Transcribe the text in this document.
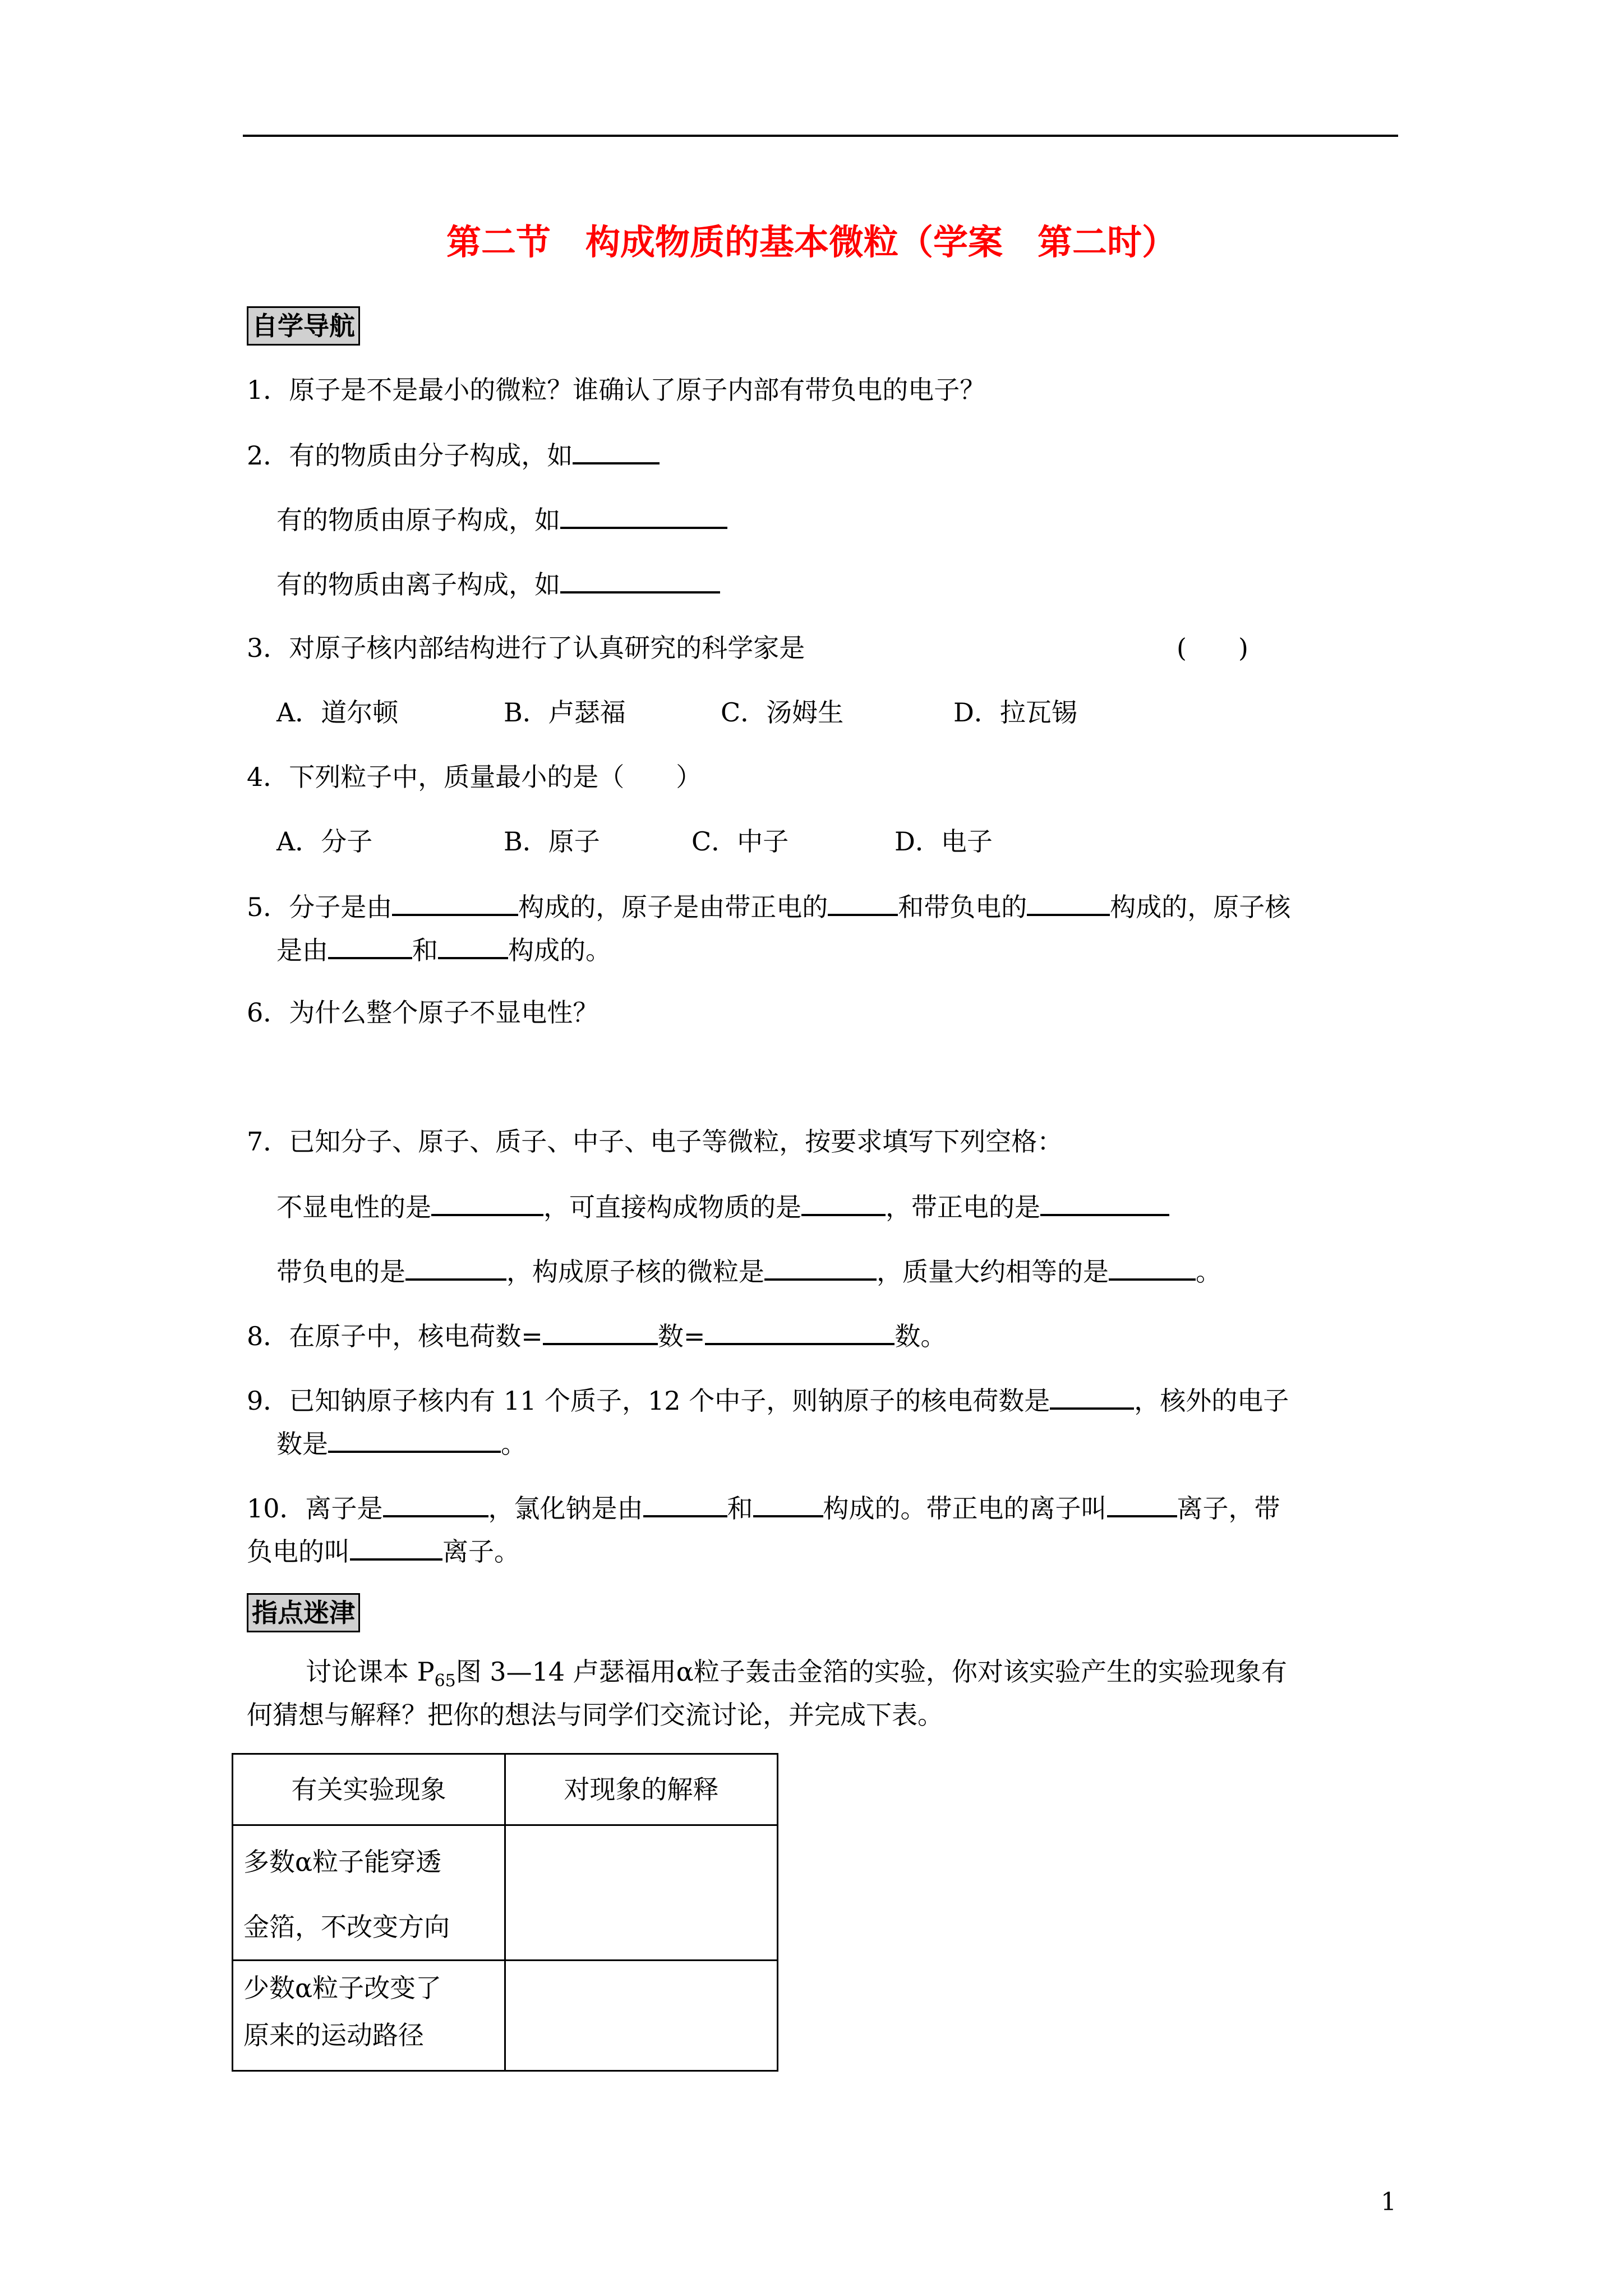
第二节　构成物质的基本微粒（学案　第二时）
自学导航
1．原子是不是最小的微粒？谁确认了原子内部有带负电的电子？
2．有的物质由分子构成，如
有的物质由原子构成，如
有的物质由离子构成，如
3．对原子核内部结构进行了认真研究的科学家是	(　　)
A．道尔顿	B．卢瑟福	C．汤姆生	D．拉瓦锡
4．下列粒子中，质量最小的是（　　）
A．分子	B．原子	C．中子	D．电子
5．分子是由	构成的，原子是由带正电的	和带负电的	构成的，原子核
是由	和	构成的。
6．为什么整个原子不显电性？
7．已知分子、原子、质子、中子、电子等微粒，按要求填写下列空格：
不显电性的是	，可直接构成物质的是	，带正电的是
带负电的是	，构成原子核的微粒是	，质量大约相等的是	。
8．在原子中，核电荷数=	数=	数。
9．已知钠原子核内有 11 个质子，12 个中子，则钠原子的核电荷数是	，核外的电子
数是	。
10．离子是	，氯化钠是由	和	构成的。带正电的离子叫	离子，带
负电的叫	离子。
指点迷津
讨论课本 $P_{65}$图 3—14 卢瑟福用α粒子轰击金箔的实验，你对该实验产生的实验现象有
何猜想与解释？把你的想法与同学们交流讨论，并完成下表。
有关实验现象	对现象的解释

多数α粒子能穿透
金箔，不改变方向	

少数α粒子改变了
原来的运动路径	

1
